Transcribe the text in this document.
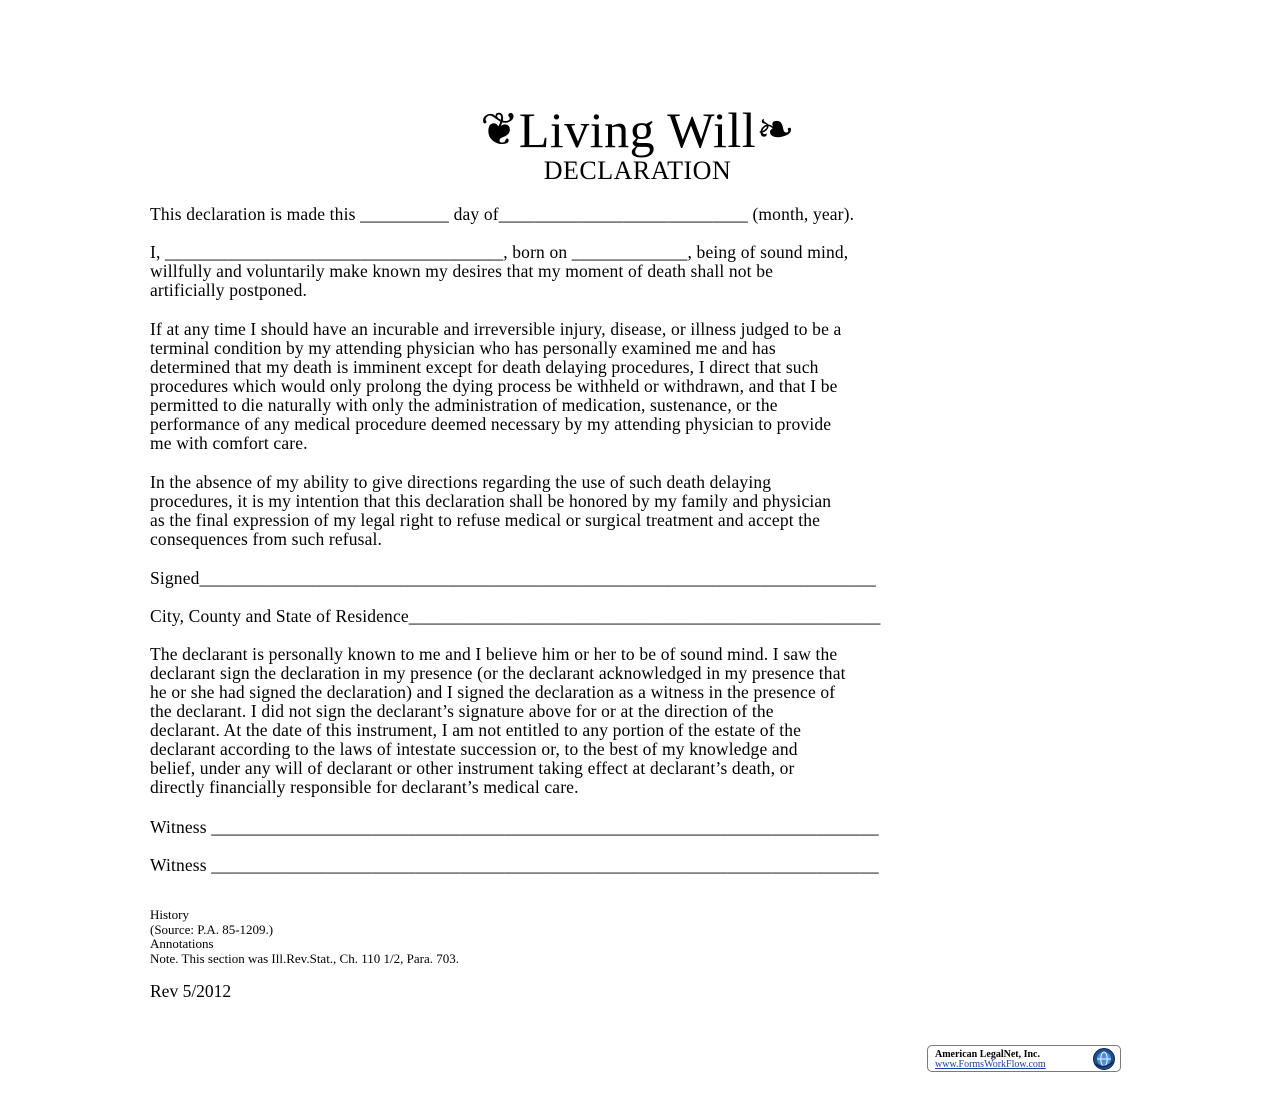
❦Living Will❧
DECLARATION
This declaration is made this __________ day of____________________________ (month, year).
I, ______________________________________, born on _____________, being of sound mind,
willfully and voluntarily make known my desires that my moment of death shall not be
artificially postponed.
If at any time I should have an incurable and irreversible injury, disease, or illness judged to be a
terminal condition by my attending physician who has personally examined me and has
determined that my death is imminent except for death delaying procedures, I direct that such
procedures which would only prolong the dying process be withheld or withdrawn, and that I be
permitted to die naturally with only the administration of medication, sustenance, or the
performance of any medical procedure deemed necessary by my attending physician to provide
me with comfort care.
In the absence of my ability to give directions regarding the use of such death delaying
procedures, it is my intention that this declaration shall be honored by my family and physician
as the final expression of my legal right to refuse medical or surgical treatment and accept the
consequences from such refusal.
Signed____________________________________________________________________________
City, County and State of Residence_____________________________________________________
The declarant is personally known to me and I believe him or her to be of sound mind. I saw the
declarant sign the declaration in my presence (or the declarant acknowledged in my presence that
he or she had signed the declaration) and I signed the declaration as a witness in the presence of
the declarant. I did not sign the declarant’s signature above for or at the direction of the
declarant. At the date of this instrument, I am not entitled to any portion of the estate of the
declarant according to the laws of intestate succession or, to the best of my knowledge and
belief, under any will of declarant or other instrument taking effect at declarant’s death, or
directly financially responsible for declarant’s medical care.
Witness ___________________________________________________________________________
Witness ___________________________________________________________________________
History
(Source: P.A. 85-1209.)
Annotations
Note. This section was Ill.Rev.Stat., Ch. 110 1/2, Para. 703.
Rev 5/2012
American LegalNet, Inc.
www.FormsWorkFlow.com
